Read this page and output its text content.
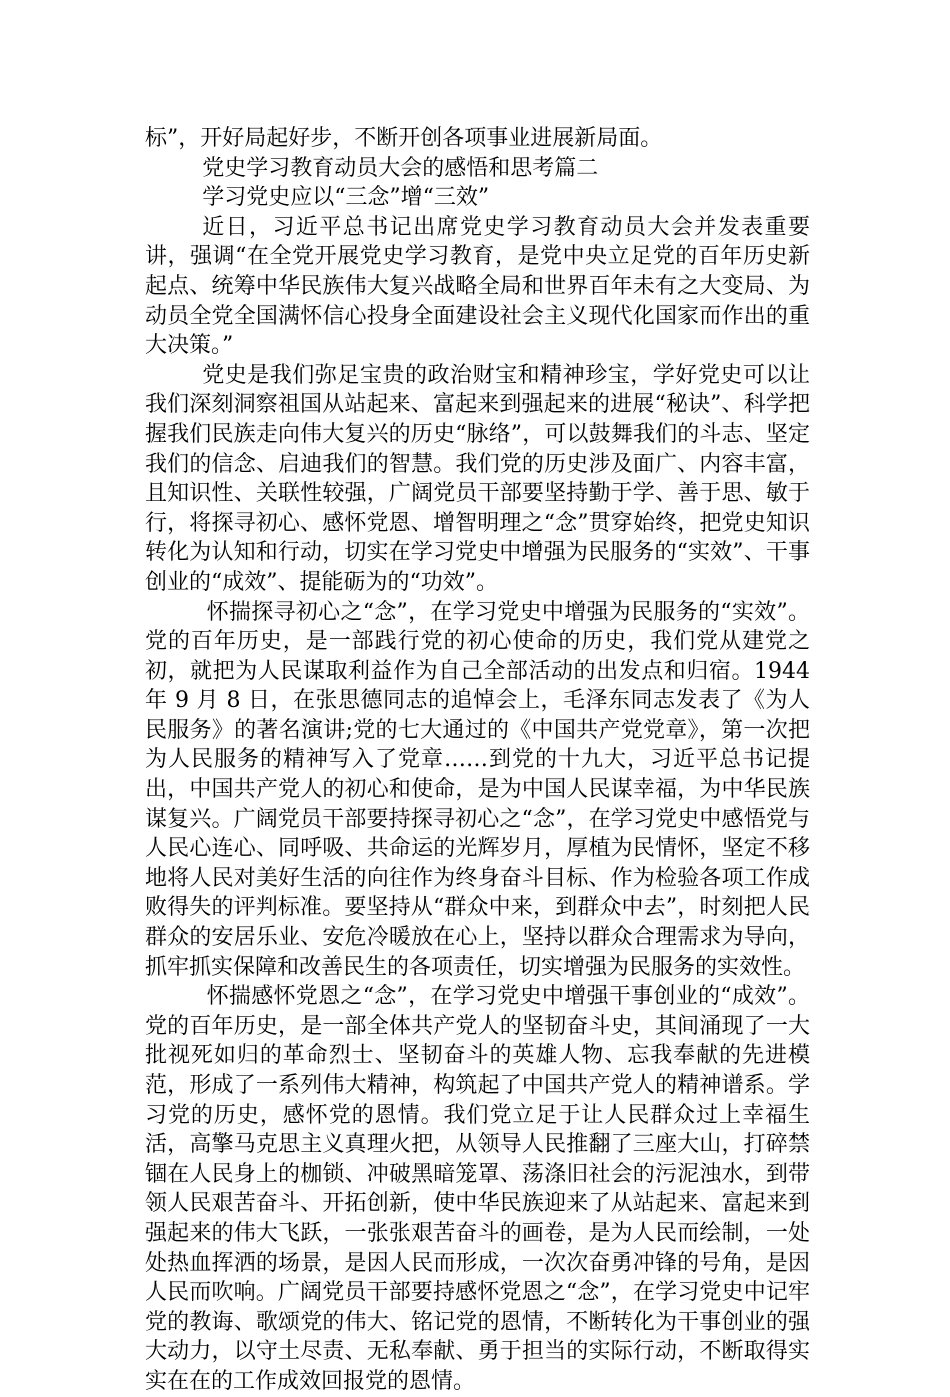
标”，开好局起好步，不断开创各项事业进展新局面。

党史学习教育动员大会的感悟和思考篇二

学习党史应以“三念”增“三效”

近日，习近平总书记出席党史学习教育动员大会并发表重要讲，强调“在全党开展党史学习教育，是党中央立足党的百年历史新起点、统筹中华民族伟大复兴战略全局和世界百年未有之大变局、为动员全党全国满怀信心投身全面建设社会主义现代化国家而作出的重大决策。”

党史是我们弥足宝贵的政治财宝和精神珍宝，学好党史可以让我们深刻洞察祖国从站起来、富起来到强起来的进展“秘诀”、科学把握我们民族走向伟大复兴的历史“脉络”，可以鼓舞我们的斗志、坚定我们的信念、启迪我们的智慧。我们党的历史涉及面广、内容丰富，且知识性、关联性较强，广阔党员干部要坚持勤于学、善于思、敏于行，将探寻初心、感怀党恩、增智明理之“念”贯穿始终，把党史知识转化为认知和行动，切实在学习党史中增强为民服务的“实效”、干事创业的“成效”、提能砺为的“功效”。

怀揣探寻初心之“念”，在学习党史中增强为民服务的“实效”。党的百年历史，是一部践行党的初心使命的历史，我们党从建党之初，就把为人民谋取利益作为自己全部活动的出发点和归宿。1944 年 9 月 8 日，在张思德同志的追悼会上，毛泽东同志发表了《为人民服务》的著名演讲;党的七大通过的《中国共产党党章》，第一次把为人民服务的精神写入了党章……到党的十九大，习近平总书记提出，中国共产党人的初心和使命，是为中国人民谋幸福，为中华民族谋复兴。广阔党员干部要持探寻初心之“念”，在学习党史中感悟党与人民心连心、同呼吸、共命运的光辉岁月，厚植为民情怀，坚定不移地将人民对美好生活的向往作为终身奋斗目标、作为检验各项工作成败得失的评判标准。要坚持从“群众中来，到群众中去”，时刻把人民群众的安居乐业、安危冷暖放在心上，坚持以群众合理需求为导向，抓牢抓实保障和改善民生的各项责任，切实增强为民服务的实效性。

怀揣感怀党恩之“念”，在学习党史中增强干事创业的“成效”。党的百年历史，是一部全体共产党人的坚韧奋斗史，其间涌现了一大批视死如归的革命烈士、坚韧奋斗的英雄人物、忘我奉献的先进模范，形成了一系列伟大精神，构筑起了中国共产党人的精神谱系。学习党的历史，感怀党的恩情。我们党立足于让人民群众过上幸福生活，高擎马克思主义真理火把，从领导人民推翻了三座大山，打碎禁锢在人民身上的枷锁、冲破黑暗笼罩、荡涤旧社会的污泥浊水，到带领人民艰苦奋斗、开拓创新，使中华民族迎来了从站起来、富起来到强起来的伟大飞跃，一张张艰苦奋斗的画卷，是为人民而绘制，一处处热血挥洒的场景，是因人民而形成，一次次奋勇冲锋的号角，是因人民而吹响。广阔党员干部要持感怀党恩之“念”，在学习党史中记牢党的教诲、歌颂党的伟大、铭记党的恩情，不断转化为干事创业的强大动力，以守土尽责、无私奉献、勇于担当的实际行动，不断取得实实在在的工作成效回报党的恩情。
